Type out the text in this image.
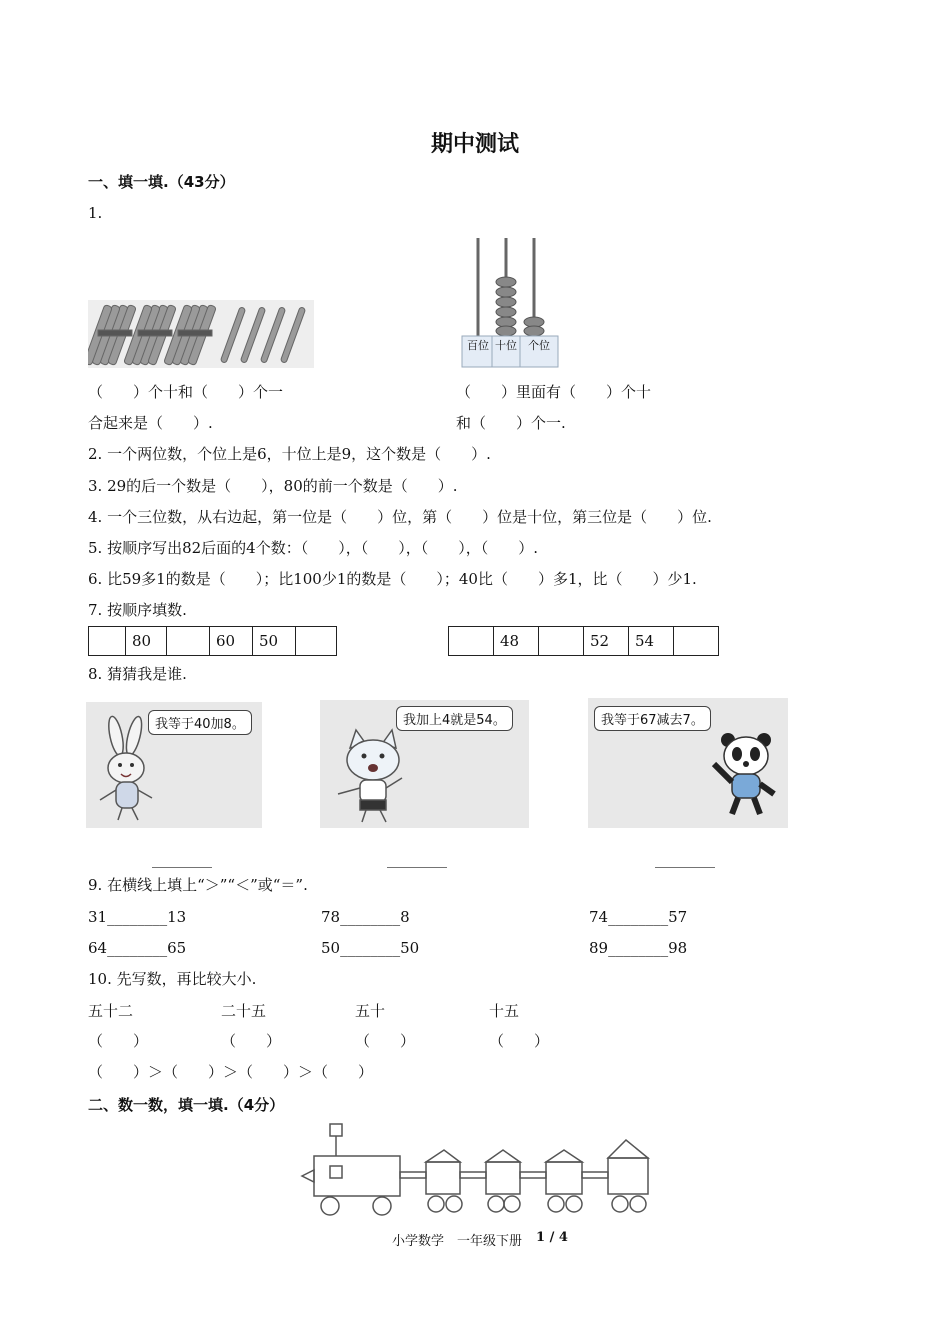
期中测试
一、填一填.（43分）
1.
百位 十位	个位
（　　）个十和（　　）个一
合起来是（　　）.
（　　）里面有（　　）个十
和（　　）个一.
2. 一个两位数，个位上是6，十位上是9，这个数是（　　）.
3. 29的后一个数是（　　），80的前一个数是（　　）.
4. 一个三位数，从右边起，第一位是（　　）位，第（　　）位是十位，第三位是（　　）位.
5. 按顺序写出82后面的4个数：（　　），（　　），（　　），（　　）.
6. 比59多1的数是（　　）；比100少1的数是（　　）；40比（　　）多1，比（　　）少1.
7. 按顺序填数.
	80		60	50	
		48		52	54	
8. 猜猜我是谁.
我等于40加8。	我加上4就是54。	我等于67减去7。
________	________	________
9. 在横线上填上“＞”“＜”或“＝”.
31________13	78________8	74________57
64________65	50________50	89________98
10. 先写数，再比较大小.
五十二	二十五	五十	十五
（　　）	（　　）	（　　）	（　　）
（　　）＞（　　）＞（　　）＞（　　）
二、数一数，填一填.（4分）
小学数学　一年级下册 1 / 4
